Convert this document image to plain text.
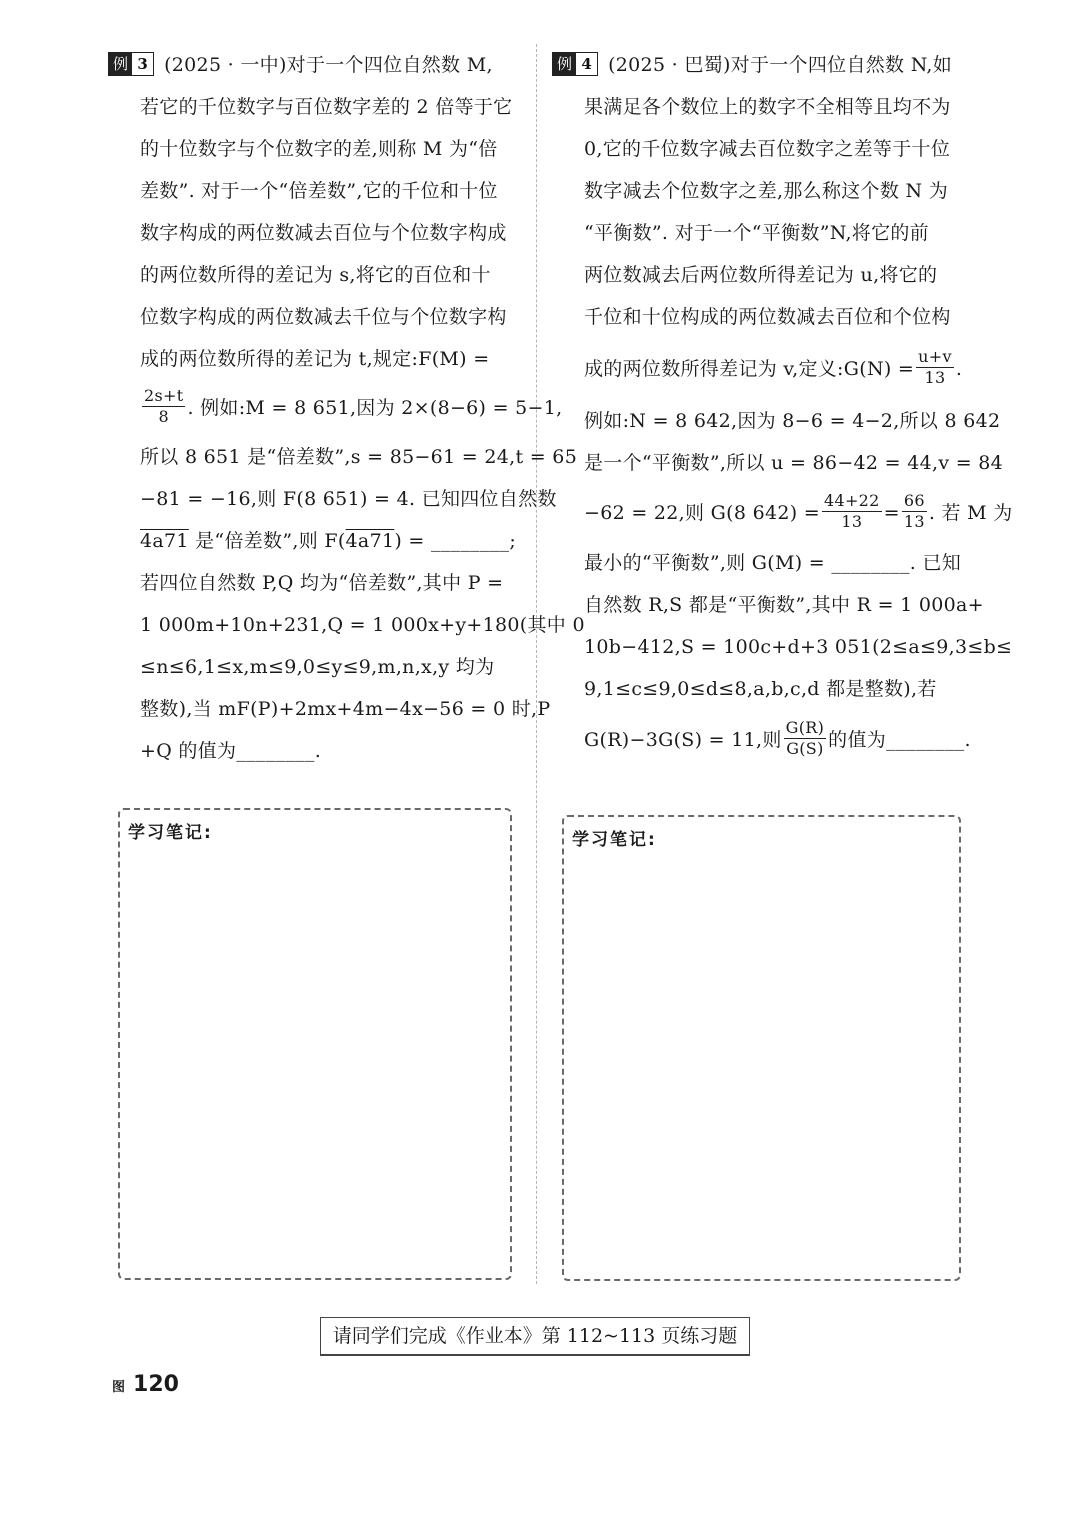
例 3 (2025 · 一中)对于一个四位自然数 M,
若它的千位数字与百位数字差的 2 倍等于它
的十位数字与个位数字的差,则称 M 为“倍
差数”. 对于一个“倍差数”,它的千位和十位
数字构成的两位数减去百位与个位数字构成
的两位数所得的差记为 s,将它的百位和十
位数字构成的两位数减去千位与个位数字构
成的两位数所得的差记为 t,规定:F(M) =
$\frac{2s+t}{8}$ . 例如:M = 8 651,因为 2×(8−6) = 5−1,
所以 8 651 是“倍差数”,s = 85−61 = 24,t = 65
−81 = −16,则 F(8 651) = 4. 已知四位自然数
4a71 是“倍差数”,则 F(4a71) = ________;
若四位自然数 P,Q 均为“倍差数”,其中 P =
1 000m+10n+231,Q = 1 000x+y+180(其中 0
≤n≤6,1≤x,m≤9,0≤y≤9,m,n,x,y 均为
整数),当 mF(P)+2mx+4m−4x−56 = 0 时,P
+Q 的值为________.
例 4 (2025 · 巴蜀)对于一个四位自然数 N,如
果满足各个数位上的数字不全相等且均不为
0,它的千位数字减去百位数字之差等于十位
数字减去个位数字之差,那么称这个数 N 为
“平衡数”. 对于一个“平衡数”N,将它的前
两位数减去后两位数所得差记为 u,将它的
千位和十位构成的两位数减去百位和个位构
成的两位数所得差记为 v,定义:G(N) = $\frac{u+v}{13}$ .
例如:N = 8 642,因为 8−6 = 4−2,所以 8 642
是一个“平衡数”,所以 u = 86−42 = 44,v = 84
−62 = 22,则 G(8 $642) = \frac{44+22}{13} = \frac{66}{13}$ . 若 M 为
最小的“平衡数”,则 G(M) = ________. 已知
自然数 R,S 都是“平衡数”,其中 R = 1 000a+
10b−412,S = 100c+d+3 051(2≤a≤9,3≤b≤
9,1≤c≤9,0≤d≤8,a,b,c,d 都是整数),若
G(R)−3G(S) = 11,则 $\frac{G(R)}{G(S)}$ 的值为________.
学习笔记:	学习笔记:
请同学们完成《作业本》第 112~113 页练习题
图 120
